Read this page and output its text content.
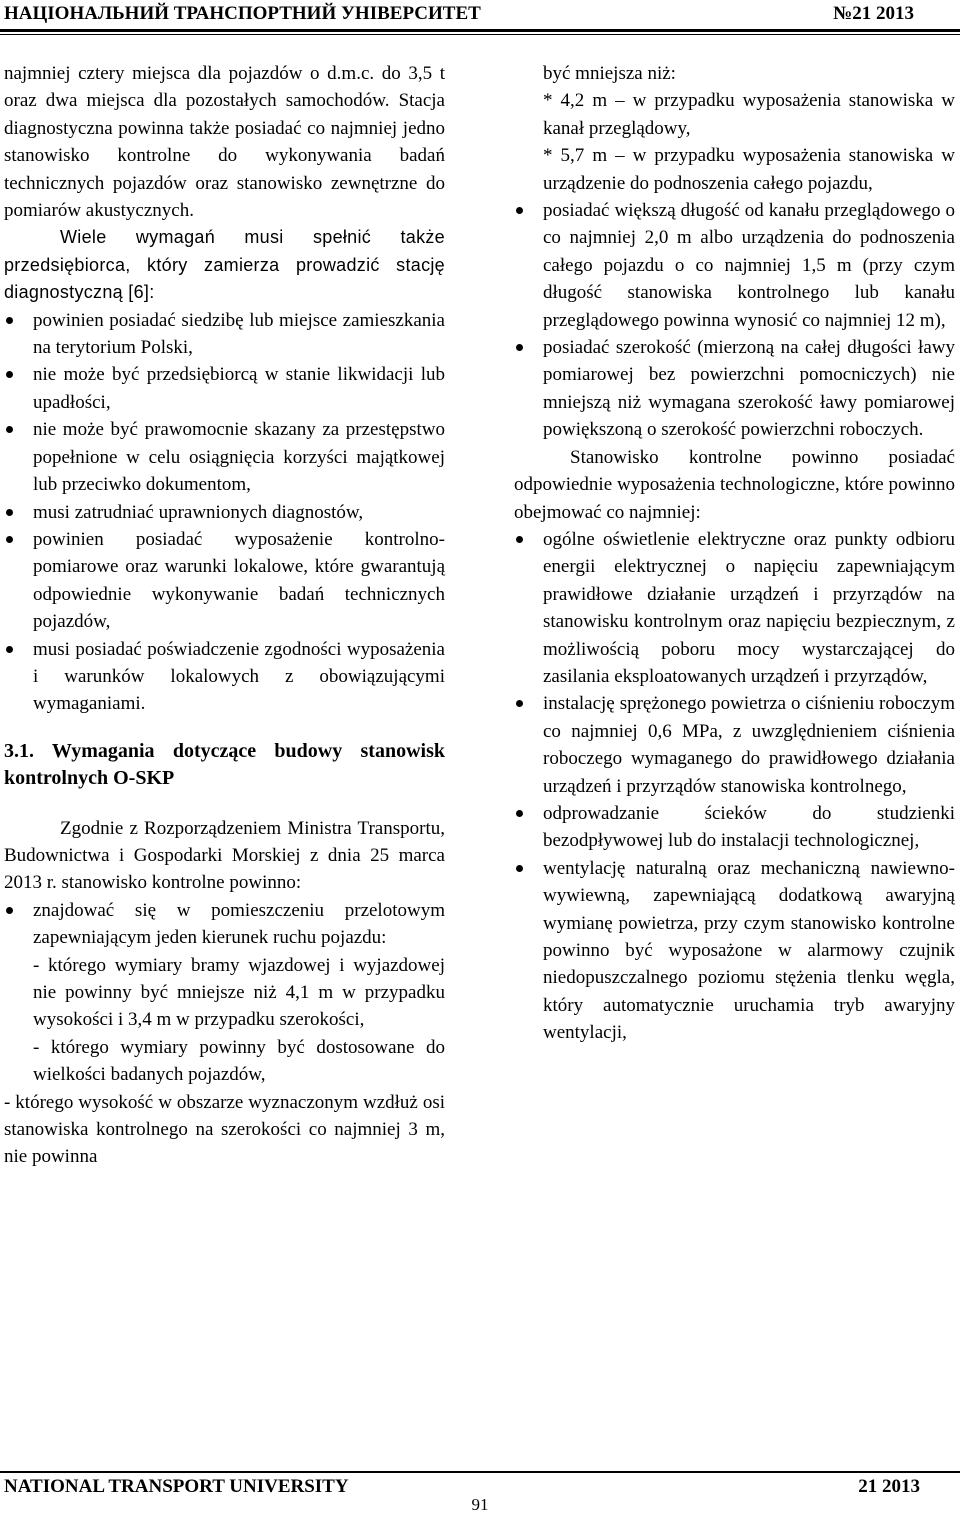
НАЦІОНАЛЬНИЙ ТРАНСПОРТНИЙ УНІВЕРСИТЕТ	№21 2013

najmniej cztery miejsca dla pojazdów o d.m.c. do 3,5 t oraz dwa miejsca dla pozostałych samochodów. Stacja diagnostyczna powinna także posiadać co najmniej jedno stanowisko kontrolne do wykonywania badań technicznych pojazdów oraz stanowisko zewnętrzne do pomiarów akustycznych.

Wiele wymagań musi spełnić także przedsiębiorca, który zamierza prowadzić stację diagnostyczną [6]:

powinien posiadać siedzibę lub miejsce zamieszkania na terytorium Polski,
nie może być przedsiębiorcą w stanie likwidacji lub upadłości,
nie może być prawomocnie skazany za przestępstwo popełnione w celu osiągnięcia korzyści majątkowej lub przeciwko dokumentom,
musi zatrudniać uprawnionych diagnostów,
powinien posiadać wyposażenie kontrolno-pomiarowe oraz warunki lokalowe, które gwarantują odpowiednie wykonywanie badań technicznych pojazdów,
musi posiadać poświadczenie zgodności wyposażenia i warunków lokalowych z obowiązującymi wymaganiami.
3.1. Wymagania dotyczące budowy stanowisk kontrolnych O-SKP

Zgodnie z Rozporządzeniem Ministra Transportu, Budownictwa i Gospodarki Morskiej z dnia 25 marca 2013 r. stanowisko kontrolne powinno:

znajdować się w pomieszczeniu przelotowym zapewniającym jeden kierunek ruchu pojazdu:

- którego wymiary bramy wjazdowej i wyjazdowej nie powinny być mniejsze niż 4,1 m w przypadku wysokości i 3,4 m w przypadku szerokości,

- którego wymiary powinny być dostosowane do wielkości badanych pojazdów,

- którego wysokość w obszarze wyznaczonym wzdłuż osi stanowiska kontrolnego na szerokości co najmniej 3 m, nie powinna

być mniejsza niż:

* 4,2 m – w przypadku wyposażenia stanowiska w kanał przeglądowy,

* 5,7 m – w przypadku wyposażenia stanowiska w urządzenie do podnoszenia całego pojazdu,

posiadać większą długość od kanału przeglądowego o co najmniej 2,0 m albo urządzenia do podnoszenia całego pojazdu o co najmniej 1,5 m (przy czym długość stanowiska kontrolnego lub kanału przeglądowego powinna wynosić co najmniej 12 m),
posiadać szerokość (mierzoną na całej długości ławy pomiarowej bez powierzchni pomocniczych) nie mniejszą niż wymagana szerokość ławy pomiarowej powiększoną o szerokość powierzchni roboczych.

Stanowisko kontrolne powinno posiadać odpowiednie wyposażenia technologiczne, które powinno obejmować co najmniej:

ogólne oświetlenie elektryczne oraz punkty odbioru energii elektrycznej o napięciu zapewniającym prawidłowe działanie urządzeń i przyrządów na stanowisku kontrolnym oraz napięciu bezpiecznym, z możliwością poboru mocy wystarczającej do zasilania eksploatowanych urządzeń i przyrządów,
instalację sprężonego powietrza o ciśnieniu roboczym co najmniej 0,6 MPa, z uwzględnieniem ciśnienia roboczego wymaganego do prawidłowego działania urządzeń i przyrządów stanowiska kontrolnego,
odprowadzanie ścieków do studzienki bezodpływowej lub do instalacji technologicznej,
wentylację naturalną oraz mechaniczną nawiewno-wywiewną, zapewniającą dodatkową awaryjną wymianę powietrza, przy czym stanowisko kontrolne powinno być wyposażone w alarmowy czujnik niedopuszczalnego poziomu stężenia tlenku węgla, który automatycznie uruchamia tryb awaryjny wentylacji,
NATIONAL TRANSPORT UNIVERSITY	21 2013
91
